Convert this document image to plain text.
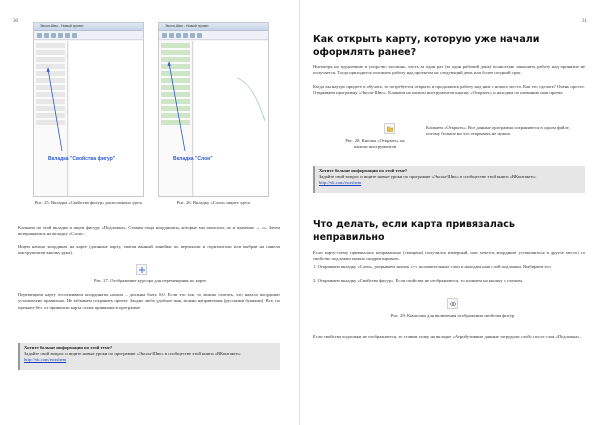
30
Эксон-Шво - Новый проект
Вкладка "Свойства фигур"
Рис. 25. Вкладка «Свойство фигур» расположена здесь
Эксон-Шво - Новый проект
Вкладка "Слои"
Рис. 26. Вкладку «Слои» ищите здесь
Кликаем по этой вкладке и ищем фигуру «Подложка». Ставим сюда координаты, которые мы записали, по и значение → «». Затем возвращаемся на вкладку «Слои».
Ищем начало координат на карте (длинные карту, хватая ванный линейки по вертикали и горизонтали или выбрав на панели инструментов кнопку рука).
Рис. 27. Отображение курсора для перемещения по карте
Перемещаем карту отслеживаем координаты начала – должны быть 0;0. Если это так, то можно считать, что начало координат установлено правильно. Не забываем сохранить проект. Заодно любо удобное имя, можно направления (русскими буквами). Все, по прежнее без, от привязали карта схема привязана в программе
Хотите больше информации по этой теме?
Задайте свой вопрос и ищите новые уроки по программе «Эксон-Шво» в сообществе этой книги «ВКонтакте»:
http://vk.com/eoxshem
31
Как открыть карту, которую уже начали оформлять ранее?
Нисмотря на трудоемкие и упорство засоконь, часть за один раз (за один рабочий день) полностью закончить работу над принятие не получается. Тогда приходится отложить работу над проектом на следующий день или более поздний срок.
Когда вы наутро придете в обучать, то потребуется открыть и продолжить работу над ним с нового места. Как это сделать? Очень просто. Открываем программу «Эксон-Шво». Кликаем на панели инструментов кнопку «Открыть» и находим по названию наш проект.
Рис. 28. Кнопка «Открыть» на панели инструментов
Кликаем «Открыть». Все данные программа сохраняются в одном файле, потому больше ни что открывать не нужно.
Хотите больше информации по этой теме?
Задайте свой вопрос и ищите новые уроки по программе «Эксон-Шво» в сообществе этой книги «ВКонтакте»:
http://vk.com/eoxshem
Что делать, если карта привязалась неправильно
Если карту-схему привязалась неправильно (смещена) получился измерный, или хочется координат установиться в другое место) то свойство подложки можно скорректировать.
1. Открываем вкладку «Слои», разрываем значок «+» положительные слои и находим наш слой подложки. Выбираем его.
2. Открываем вкладку «Свойства фигур». Если свойства не отображаются, то кликаем на кнопку с глазком.
Рис. 29. Кнопочка для включения отображения свойства фигур
Если свойства подложки не отображаются, то ставим галку на вкладке «Атрибутивные данные загрудили слой» после слоя «Подложка».
